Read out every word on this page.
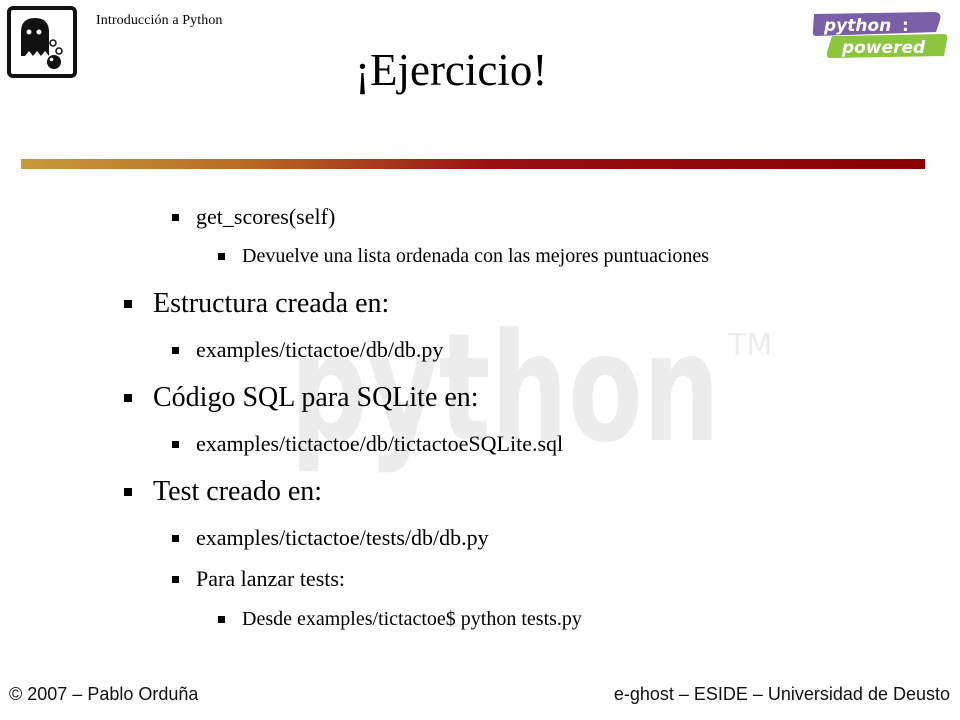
Introducción a Python	python :
powered
python TM
¡Ejercicio!
get_scores(self)
Devuelve una lista ordenada con las mejores puntuaciones
Estructura creada en:
examples/tictactoe/db/db.py
Código SQL para SQLite en:
examples/tictactoe/db/tictactoeSQLite.sql
Test creado en:
examples/tictactoe/tests/db/db.py
Para lanzar tests:
Desde examples/tictactoe$ python tests.py
© 2007 – Pablo Orduña	e-ghost – ESIDE – Universidad de Deusto
